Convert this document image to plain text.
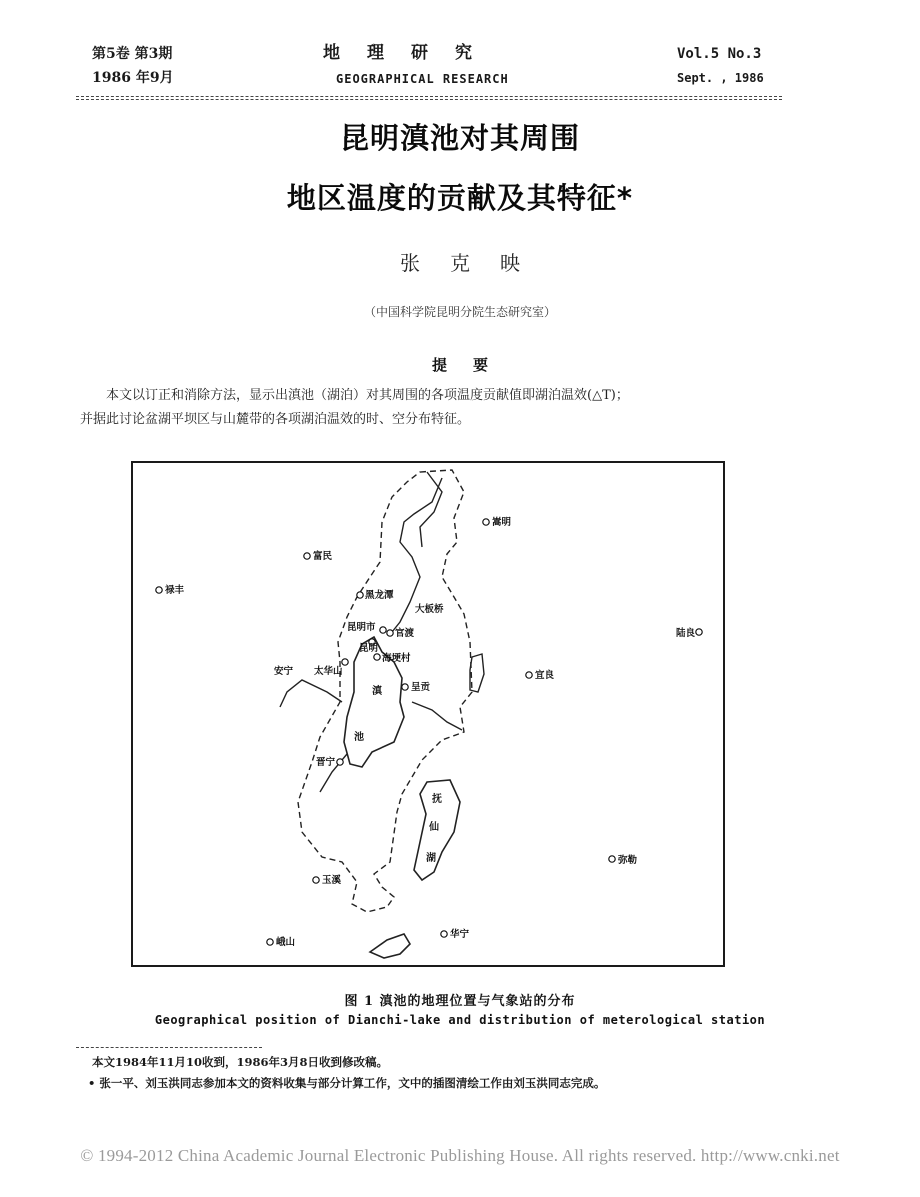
第5卷 第3期
1986 年9月
地理研究
GEOGRAPHICAL RESEARCH
Vol.5 No.3
Sept. , 1986
昆明滇池对其周围
地区温度的贡献及其特征*
张克映
（中国科学院昆明分院生态研究室）
提要

本文以订正和消除方法，显示出滇池（湖泊）对其周围的各项温度贡献值即湖泊温效(△T)；

并据此讨论盆湖平坝区与山麓带的各项湖泊温效的时、空分布特征。

嵩明
富民
禄丰	黑龙潭
大板桥
昆明市
官渡	陆良
昆明
海埂村
安宁 太华山
呈贡
宜良
晋宁
玉溪
弥勒
峨山
华宁
滇
池
抚
仙
湖
图 1 滇池的地理位置与气象站的分布
Geographical position of Dianchi-lake and distribution of meterological station
本文1984年11月10收到，1986年3月8日收到修改稿。
• 张一平、刘玉洪同志参加本文的资料收集与部分计算工作，文中的插图清绘工作由刘玉洪同志完成。
© 1994-2012 China Academic Journal Electronic Publishing House. All rights reserved. http://www.cnki.net
